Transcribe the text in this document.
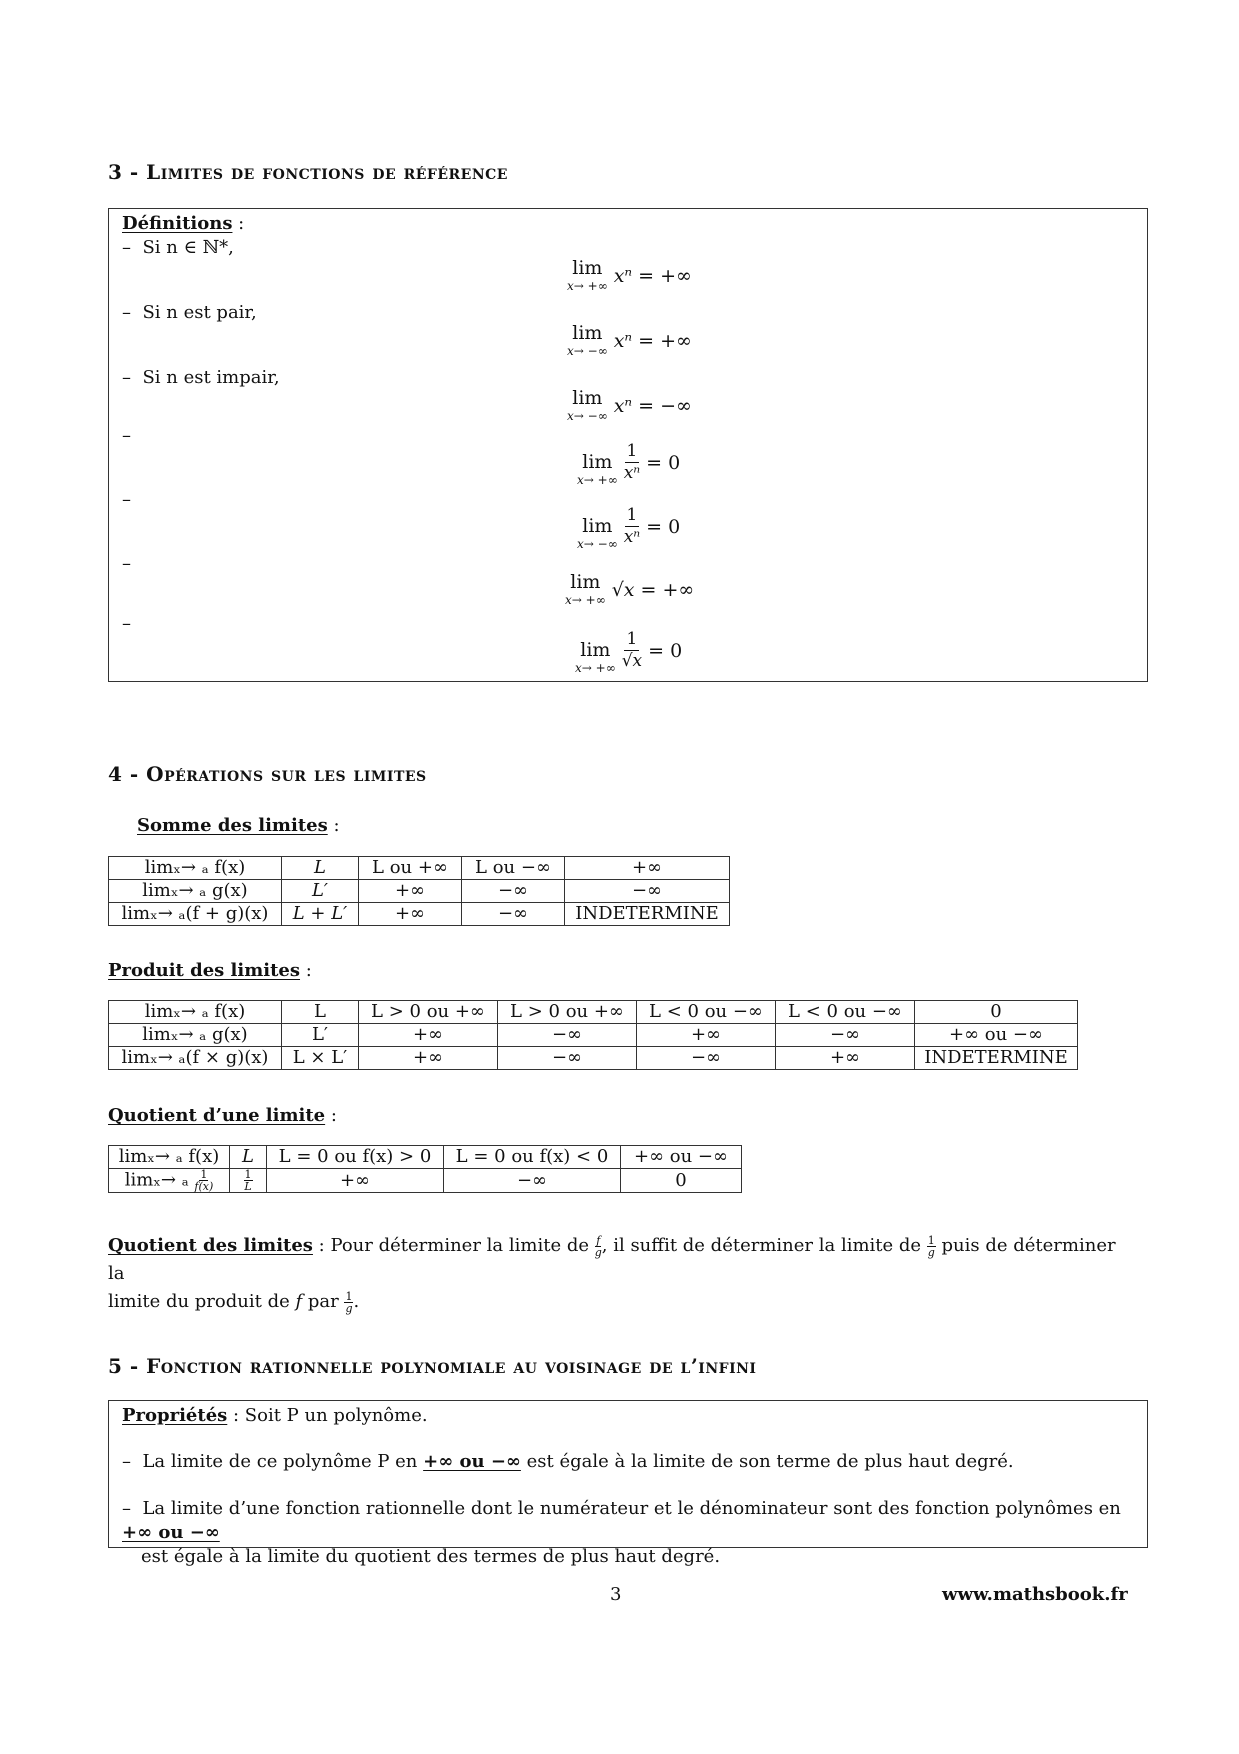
3 - Limites de fonctions de référence
Définitions :
– Si n ∈ ℕ*,
– Si n est pair,
– Si n est impair,
–
–
–
–
lim
x→ +∞ xⁿ = +∞
lim
x→ −∞ xⁿ = +∞
lim
x→ −∞ xⁿ = −∞
lim
x→ +∞ $\frac{1}{\text{xⁿ}} = 0$
lim
x→ −∞ $\frac{1}{\text{xⁿ}} = 0$
lim
x→ +∞ √x = +∞
lim
x→ +∞ $\frac{1}{√x} = 0$
4 - Opérations sur les limites
Somme des limites :
limₓ→ ₐ f(x)	L	L ou +∞	L ou −∞	+∞
limₓ→ ₐ g(x)	L′	+∞	−∞	−∞
limₓ→ ₐ(f + g)(x)	L + L′	+∞	−∞	INDETERMINE
Produit des limites :
limₓ→ ₐ f(x)	L	L > 0 ou +∞	L > 0 ou +∞	L < 0 ou −∞	L < 0 ou −∞	0
limₓ→ ₐ g(x)	L′	+∞	−∞	+∞	−∞	+∞ ou −∞
limₓ→ ₐ(f × g)(x)	L × L′	+∞	−∞	−∞	+∞	INDETERMINE
Quotient d’une limite :
limₓ→ ₐ f(x)	L	L = 0 ou f(x) > 0	L = 0 ou f(x) < 0	+∞ ou −∞
limₓ→ ₐ $\frac{1}{f(x)}$	$\frac{1}{L}$	+∞	−∞	0
Quotient des limites : Pour déterminer la limite de $\frac{f}{g}$ , il suffit de déterminer la limite de $\frac{1}{g}$ puis de déterminer la
limite du produit de f par $\frac{1}{g}$ .
5 - Fonction rationnelle polynomiale au voisinage de l’infini
Propriétés : Soit P un polynôme.
– La limite de ce polynôme P en +∞ ou −∞ est égale à la limite de son terme de plus haut degré.
– La limite d’une fonction rationnelle dont le numérateur et le dénominateur sont des fonction polynômes en +∞ ou −∞
est égale à la limite du quotient des termes de plus haut degré.
3	www.mathsbook.fr
